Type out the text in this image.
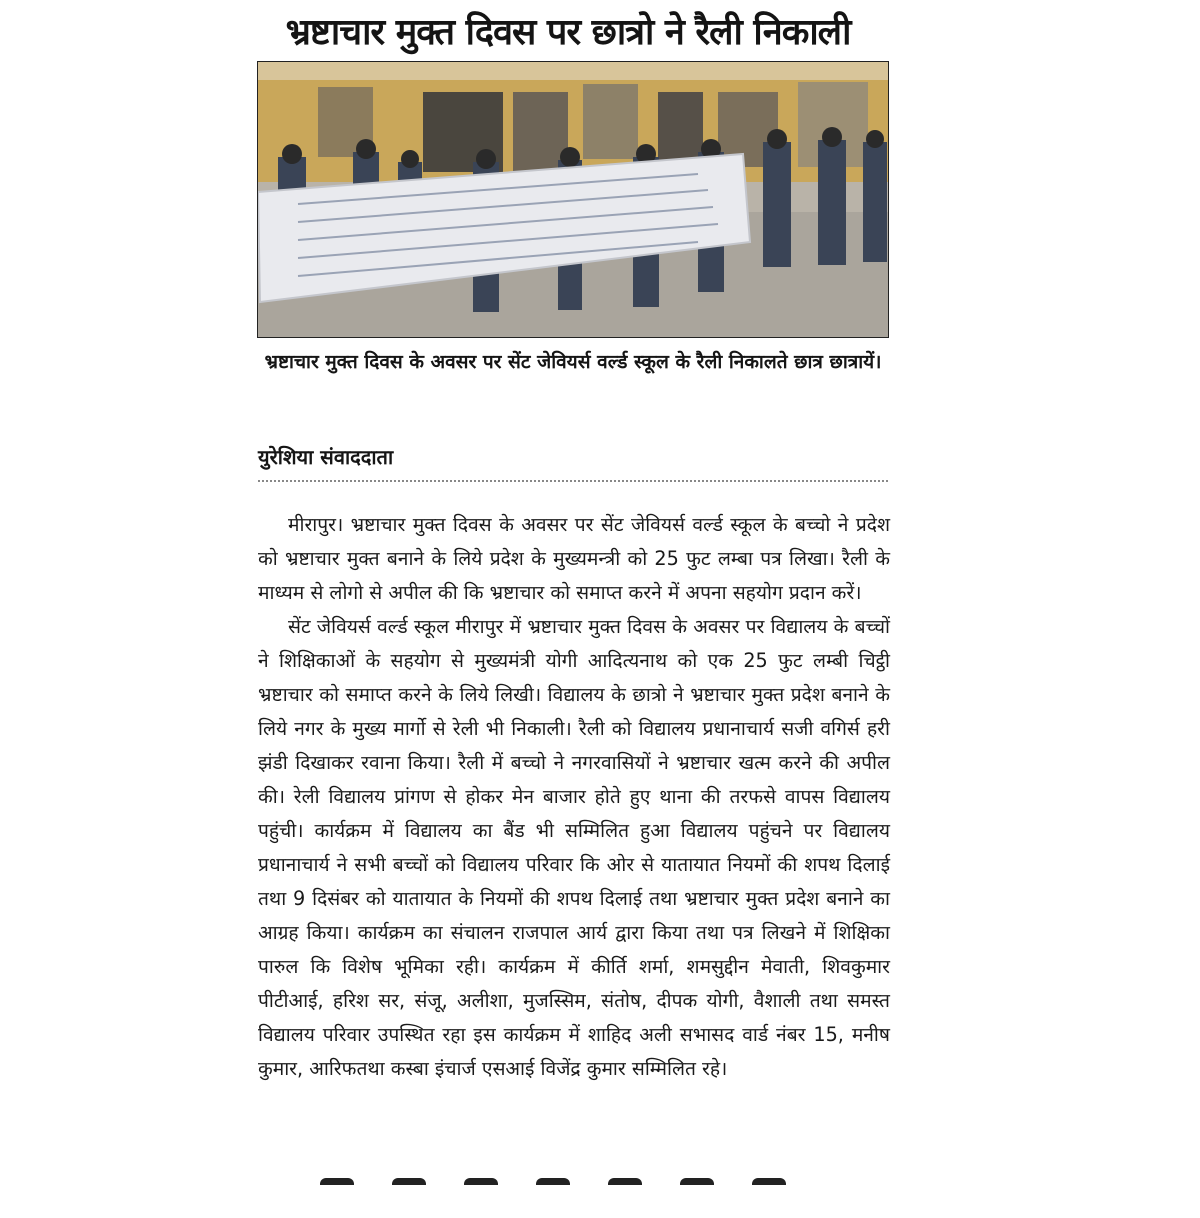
भ्रष्टाचार मुक्त दिवस पर छात्रो ने रैली निकाली
भ्रष्टाचार मुक्त दिवस के अवसर पर सेंट जेवियर्स वर्ल्ड स्कूल के रैली निकालते छात्र छात्रायें।
युरेशिया संवाददाता

मीरापुर। भ्रष्टाचार मुक्त दिवस के अवसर पर सेंट जेवियर्स वर्ल्ड स्कूल के बच्चो ने प्रदेश को भ्रष्टाचार मुक्त बनाने के लिये प्रदेश के मुख्यमन्त्री को 25 फुट लम्बा पत्र लिखा। रैली के माध्यम से लोगो से अपील की कि भ्रष्टाचार को समाप्त करने में अपना सहयोग प्रदान करें।

सेंट जेवियर्स वर्ल्ड स्कूल मीरापुर में भ्रष्टाचार मुक्त दिवस के अवसर पर विद्यालय के बच्चों ने शिक्षिकाओं के सहयोग से मुख्यमंत्री योगी आदित्यनाथ को एक 25 फुट लम्बी चिट्ठी भ्रष्टाचार को समाप्त करने के लिये लिखी। विद्यालय के छात्रो ने भ्रष्टाचार मुक्त प्रदेश बनाने के लिये नगर के मुख्य मार्गो से रेली भी निकाली। रैली को विद्यालय प्रधानाचार्य सजी वगिर्स हरी झंडी दिखाकर रवाना किया। रैली में बच्चो ने नगरवासियों ने भ्रष्टाचार खत्म करने की अपील की। रेली विद्यालय प्रांगण से होकर मेन बाजार होते हुए थाना की तरफसे वापस विद्यालय पहुंची। कार्यक्रम में विद्यालय का बैंड भी सम्मिलित हुआ विद्यालय पहुंचने पर विद्यालय प्रधानाचार्य ने सभी बच्चों को विद्यालय परिवार कि ओर से यातायात नियमों की शपथ दिलाई तथा 9 दिसंबर को यातायात के नियमों की शपथ दिलाई तथा भ्रष्टाचार मुक्त प्रदेश बनाने का आग्रह किया। कार्यक्रम का संचालन राजपाल आर्य द्वारा किया तथा पत्र लिखने में शिक्षिका पारुल कि विशेष भूमिका रही। कार्यक्रम में कीर्ति शर्मा, शमसुद्दीन मेवाती, शिवकुमार पीटीआई, हरिश सर, संजू, अलीशा, मुजस्सिम, संतोष, दीपक योगी, वैशाली तथा समस्त विद्यालय परिवार उपस्थित रहा इस कार्यक्रम में शाहिद अली सभासद वार्ड नंबर 15, मनीष कुमार, आरिफतथा कस्बा इंचार्ज एसआई विजेंद्र कुमार सम्मिलित रहे।
